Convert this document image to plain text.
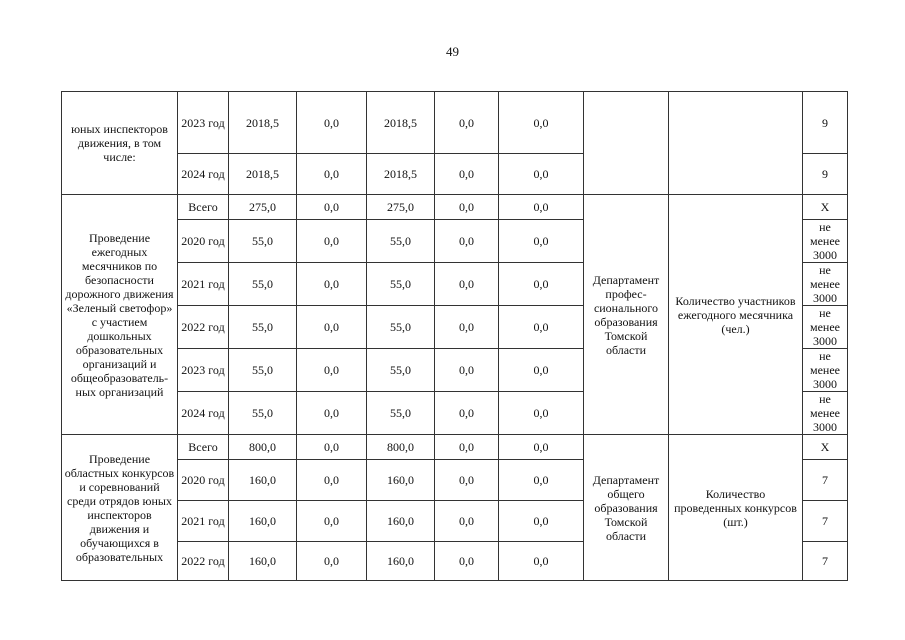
49
юных инспекторов движения, в том числе:	2023 год	2018,5	0,0	2018,5	0,0	0,0			9
	2024 год	2018,5	0,0	2018,5	0,0	0,0			9
Проведение ежегодных месячников по безопасности дорожного движения «Зеленый светофор» с участием дошкольных образовательных организаций и общеобразователь-ных организаций	Всего	275,0	0,0	275,0	0,0	0,0	Департамент профес-сионального образования Томской области	Количество участников ежегодного месячника (чел.)	Х
	2020 год	55,0	0,0	55,0	0,0	0,0			не менее 3000
	2021 год	55,0	0,0	55,0	0,0	0,0			не менее 3000
	2022 год	55,0	0,0	55,0	0,0	0,0			не менее 3000
	2023 год	55,0	0,0	55,0	0,0	0,0			не менее 3000
	2024 год	55,0	0,0	55,0	0,0	0,0			не менее 3000
Проведение областных конкурсов и соревнований среди отрядов юных инспекторов движения и обучающихся в образовательных	Всего	800,0	0,0	800,0	0,0	0,0	Департамент общего образования Томской области	Количество проведенных конкурсов (шт.)	Х
	2020 год	160,0	0,0	160,0	0,0	0,0			7
	2021 год	160,0	0,0	160,0	0,0	0,0			7
	2022 год	160,0	0,0	160,0	0,0	0,0			7
